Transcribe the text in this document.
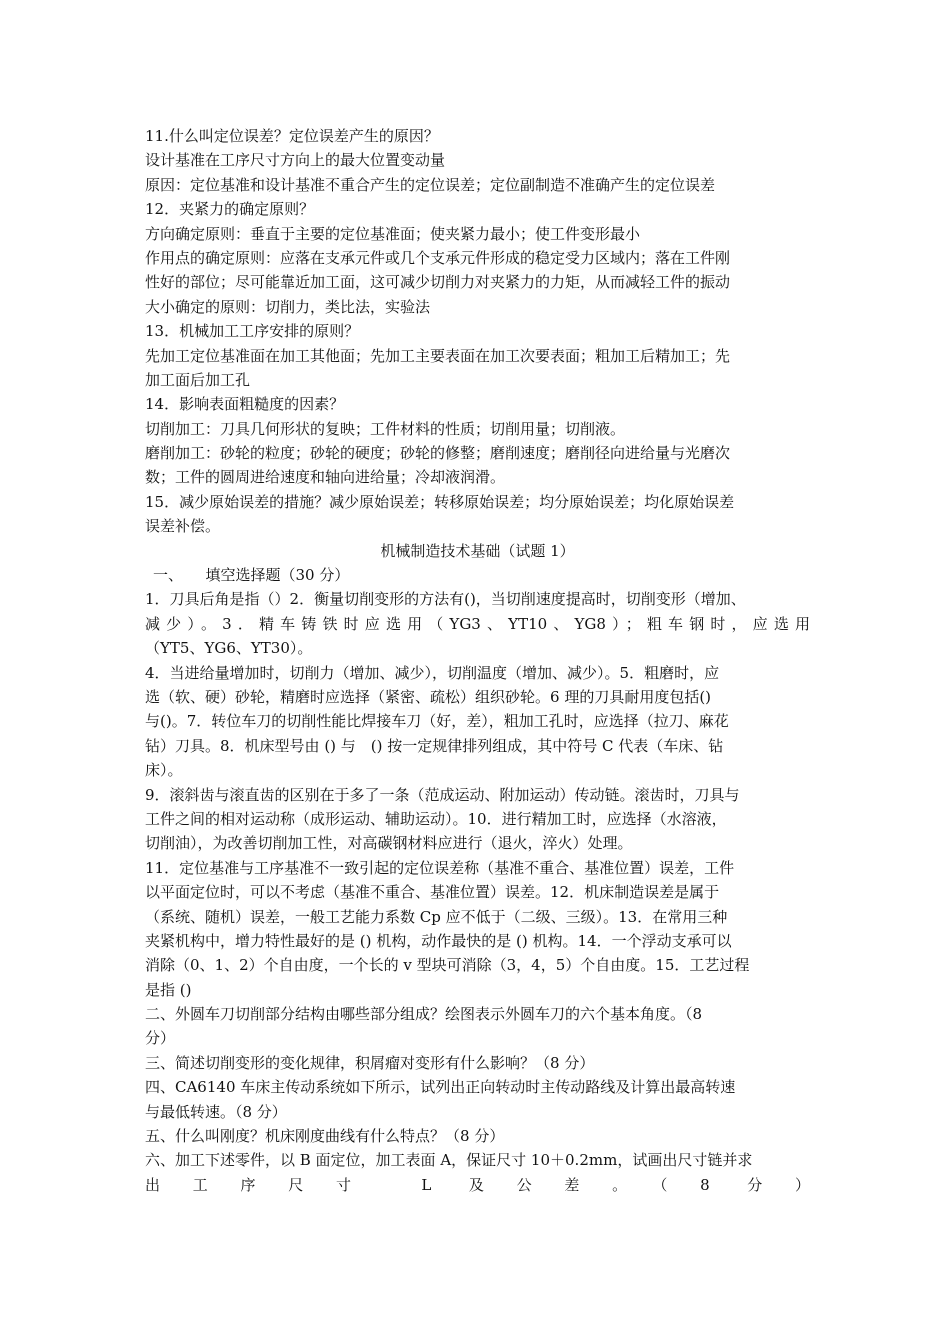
11.什么叫定位误差？定位误差产生的原因？
设计基准在工序尺寸方向上的最大位置变动量
原因：定位基准和设计基准不重合产生的定位误差；定位副制造不准确产生的定位误差
12．夹紧力的确定原则？
方向确定原则：垂直于主要的定位基准面；使夹紧力最小；使工件变形最小
作用点的确定原则：应落在支承元件或几个支承元件形成的稳定受力区域内；落在工件刚
性好的部位；尽可能靠近加工面，这可减少切削力对夹紧力的力矩，从而减轻工件的振动
大小确定的原则：切削力，类比法，实验法
13．机械加工工序安排的原则？
先加工定位基准面在加工其他面；先加工主要表面在加工次要表面；粗加工后精加工；先
加工面后加工孔
14．影响表面粗糙度的因素？
切削加工：刀具几何形状的复映；工件材料的性质；切削用量；切削液。
磨削加工：砂轮的粒度；砂轮的硬度；砂轮的修整；磨削速度；磨削径向进给量与光磨次
数；工件的圆周进给速度和轴向进给量；冷却液润滑。
15．减少原始误差的措施？减少原始误差；转移原始误差；均分原始误差；均化原始误差
误差补偿。
机械制造技术基础（试题 1）
一、　　填空选择题（30 分）
1．刀具后角是指（）2．衡量切削变形的方法有()，当切削速度提高时，切削变形（增加、
减少）。3．精车铸铁时应选用（YG3、YT10、YG8）；粗车钢时，应选用
（YT5、YG6、YT30）。
4．当进给量增加时，切削力（增加、减少），切削温度（增加、减少）。5．粗磨时，应
选（软、硬）砂轮，精磨时应选择（紧密、疏松）组织砂轮。6 理的刀具耐用度包括()
与()。7．转位车刀的切削性能比焊接车刀（好，差），粗加工孔时，应选择（拉刀、麻花
钻）刀具。8．机床型号由 () 与　() 按一定规律排列组成，其中符号 C 代表（车床、钻
床）。
9．滚斜齿与滚直齿的区别在于多了一条（范成运动、附加运动）传动链。滚齿时，刀具与
工件之间的相对运动称（成形运动、辅助运动）。10．进行精加工时，应选择（水溶液，
切削油），为改善切削加工性，对高碳钢材料应进行（退火，淬火）处理。
11．定位基准与工序基准不一致引起的定位误差称（基准不重合、基准位置）误差，工件
以平面定位时，可以不考虑（基准不重合、基准位置）误差。12．机床制造误差是属于
（系统、随机）误差，一般工艺能力系数 Cp 应不低于（二级、三级）。13．在常用三种
夹紧机构中，增力特性最好的是 () 机构，动作最快的是 () 机构。14．一个浮动支承可以
消除（0、1、2）个自由度，一个长的 v 型块可消除（3，4，5）个自由度。15．工艺过程
是指 ()
二、外圆车刀切削部分结构由哪些部分组成？绘图表示外圆车刀的六个基本角度。（8
分）
三、简述切削变形的变化规律，积屑瘤对变形有什么影响？（8 分）
四、CA6140 车床主传动系统如下所示，试列出正向转动时主传动路线及计算出最高转速
与最低转速。（8 分）
五、什么叫刚度？机床刚度曲线有什么特点？（8 分）
六、加工下述零件，以 B 面定位，加工表面 A，保证尺寸 10＋0.2mm，试画出尺寸链并求
出工序尺寸 L 及公差。（8 分）
